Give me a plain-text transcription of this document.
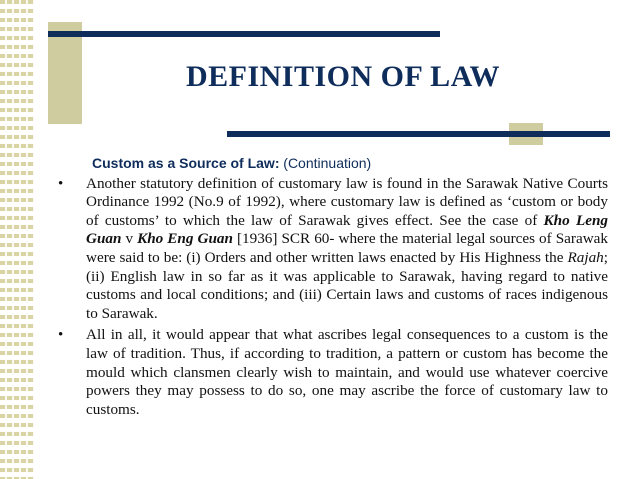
DEFINITION OF LAW
Custom as a Source of Law: (Continuation)
• Another statutory definition of customary law is found in the Sarawak Native Courts Ordinance 1992 (No.9 of 1992), where customary law is defined as ‘custom or body of customs’ to which the law of Sarawak gives effect. See the case of Kho Leng Guan v Kho Eng Guan [1936] SCR 60- where the material legal sources of Sarawak were said to be: (i) Orders and other written laws enacted by His Highness the Rajah; (ii) English law in so far as it was applicable to Sarawak, having regard to native customs and local conditions; and (iii) Certain laws and customs of races indigenous to Sarawak.

• All in all, it would appear that what ascribes legal consequences to a custom is the law of tradition. Thus, if according to tradition, a pattern or custom has become the mould which clansmen clearly wish to maintain, and would use whatever coercive powers they may possess to do so, one may ascribe the force of customary law to customs.
